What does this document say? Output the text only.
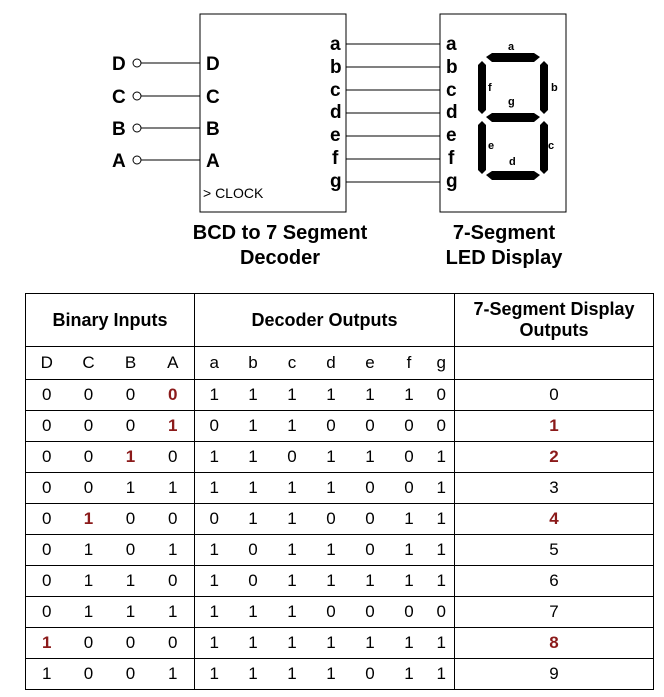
D
C
B
A
D
C
B
A
> CLOCK
a
b
c
d
e
f
g
a
b
c
d
e
f
g
a
b
c
d
e
f
g
BCD to 7 Segment
Decoder
7-Segment
LED Display
Binary Inputs				Decoder Outputs							7-Segment Display
Outputs
D	C	B	A	a	b	c	d	e	f	g	
0	0	0	0	1	1	1	1	1	1	0	0
0	0	0	1	0	1	1	0	0	0	0	1
0	0	1	0	1	1	0	1	1	0	1	2
0	0	1	1	1	1	1	1	0	0	1	3
0	1	0	0	0	1	1	0	0	1	1	4
0	1	0	1	1	0	1	1	0	1	1	5
0	1	1	0	1	0	1	1	1	1	1	6
0	1	1	1	1	1	1	0	0	0	0	7
1	0	0	0	1	1	1	1	1	1	1	8
1	0	0	1	1	1	1	1	0	1	1	9
